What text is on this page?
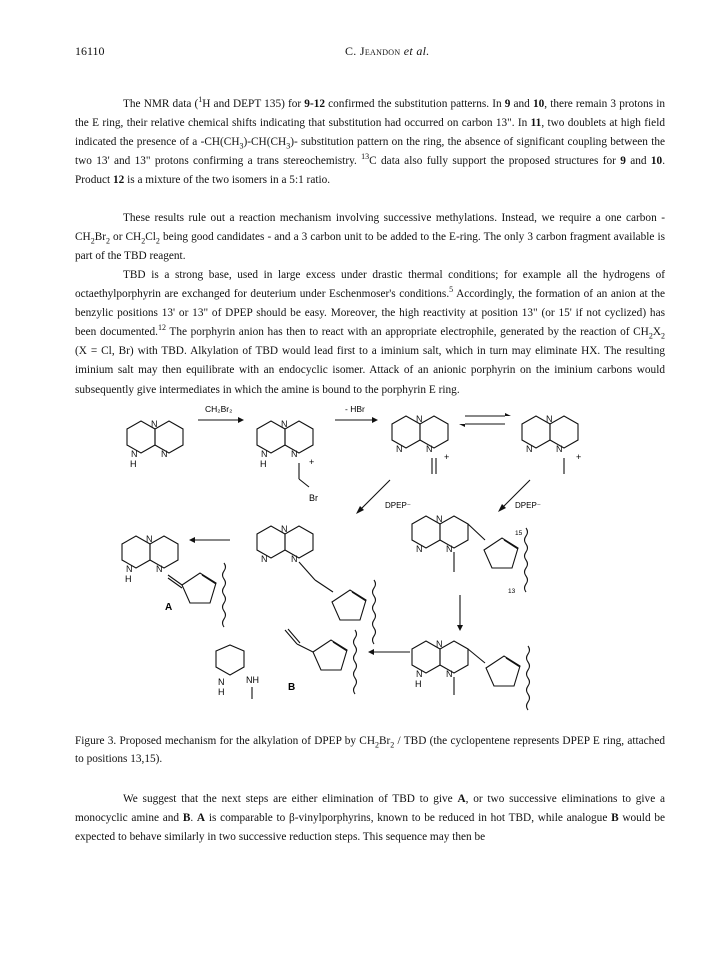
16110	C. Jeandon et al.

The NMR data ($^1$H and DEPT 135) for 9-12 confirmed the substitution patterns. In 9 and 10, there remain 3 protons in the E ring, their relative chemical shifts indicating that substitution had occurred on carbon 13". In 11, two doublets at high field indicated the presence of a $-CH(CH_3)-CH(CH_3)-$ substitution pattern on the ring, the absence of significant coupling between the two 13' and 13" protons confirming a trans stereochemistry. $^{13}$C data also fully support the proposed structures for 9 and 10. Product 12 is a mixture of the two isomers in a 5:1 ratio.

These results rule out a reaction mechanism involving successive methylations. Instead, we require a one carbon - $CH_2Br_2$ or $CH_2Cl_2$ being good candidates - and a 3 carbon unit to be added to the E-ring. The only 3 carbon fragment available is part of the TBD reagent.

TBD is a strong base, used in large excess under drastic thermal conditions; for example all the hydrogens of octaethylporphyrin are exchanged for deuterium under Eschenmoser's conditions.$^5$ Accordingly, the formation of an anion at the benzylic positions 13' or 13" of DPEP should be easy. Moreover, the high reactivity at position 13" (or 15' if not cyclized) has been documented.$^{12}$ The porphyrin anion has then to react with an appropriate electrophile, generated by the reaction of $CH_2X_2$ (X = Cl, Br) with TBD. Alkylation of TBD would lead first to a iminium salt, which in turn may eliminate HX. The resulting iminium salt may then equilibrate with an endocyclic isomer. Attack of an anionic porphyrin on the iminium carbons would subsequently give intermediates in which the amine is bound to the porphyrin E ring.

N
H
CH₂Br₂
H	+
Br
- HBr
+	+
DPEP⁻	DPEP⁻
H
A
15
13
N
H
NH
B	H

Figure 3. Proposed mechanism for the alkylation of DPEP by $CH_2Br_2$ / TBD (the cyclopentene represents DPEP E ring, attached to positions 13,15).

We suggest that the next steps are either elimination of TBD to give A, or two successive eliminations to give a monocyclic amine and B. A is comparable to β-vinylporphyrins, known to be reduced in hot TBD, while analogue B would be expected to behave similarly in two successive reduction steps. This sequence may then be
